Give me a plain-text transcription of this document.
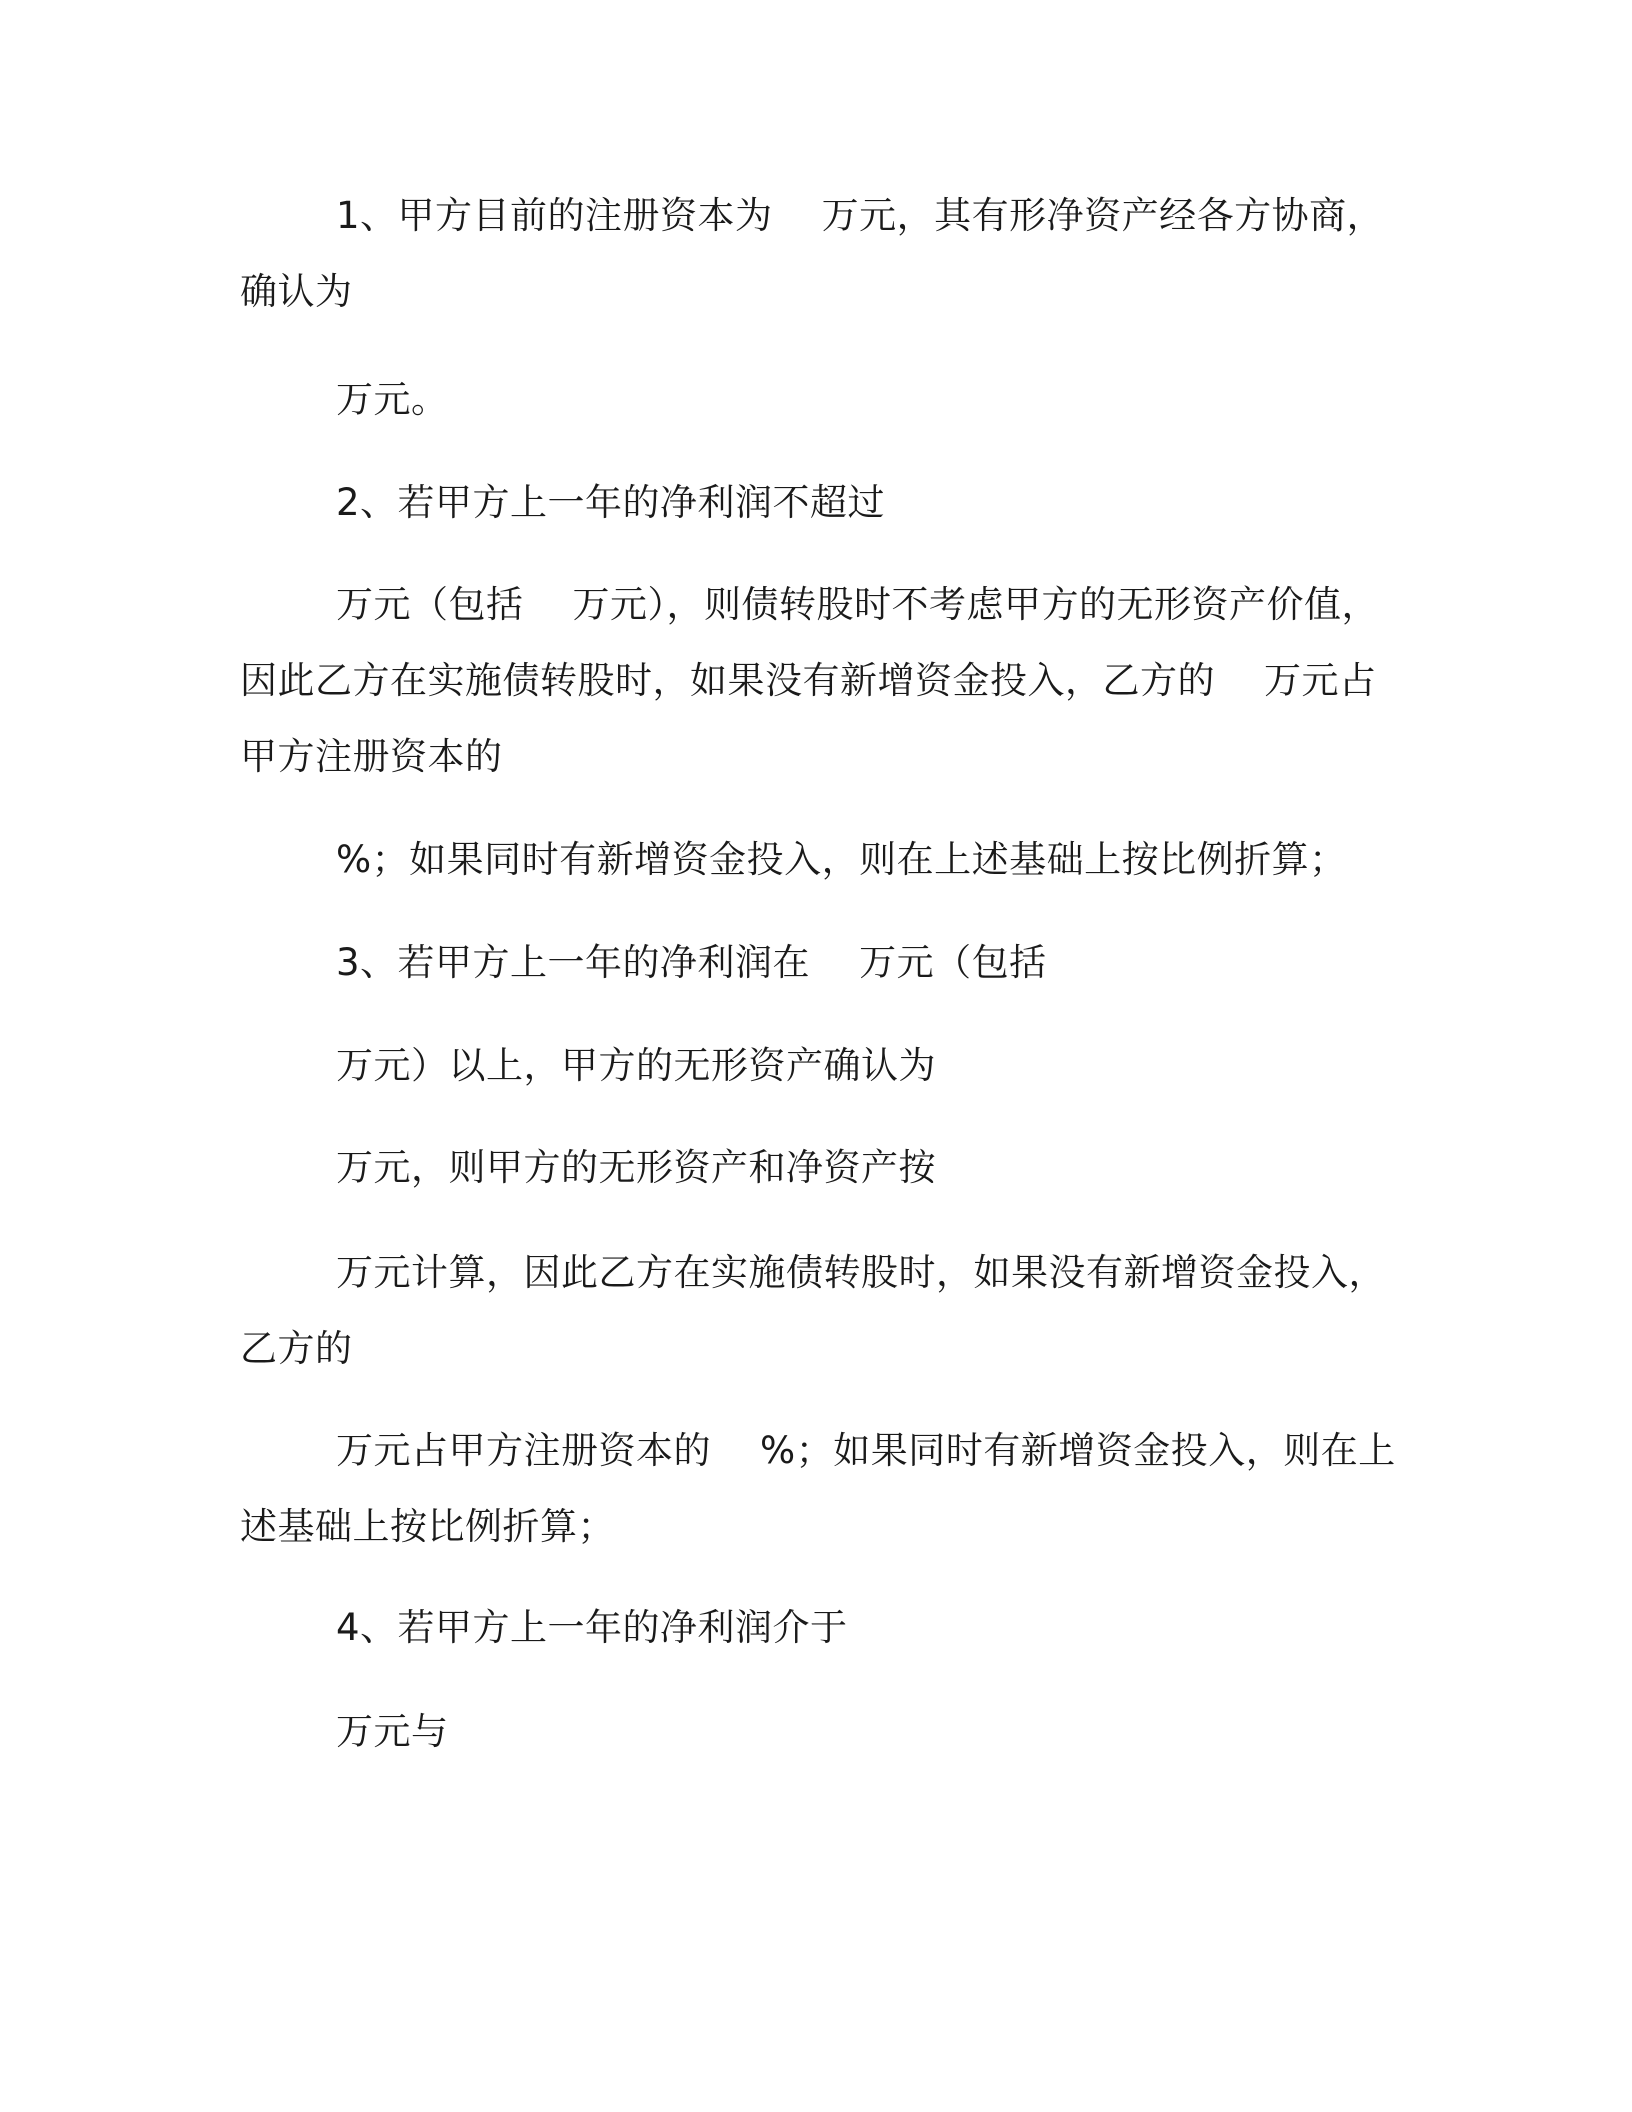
1、甲方目前的注册资本为    万元，其有形净资产经各方协商，确认为

万元。

2、若甲方上一年的净利润不超过

万元（包括    万元），则债转股时不考虑甲方的无形资产价值，因此乙方在实施债转股时，如果没有新增资金投入，乙方的    万元占甲方注册资本的

%；如果同时有新增资金投入，则在上述基础上按比例折算；

3、若甲方上一年的净利润在    万元（包括

万元）以上，甲方的无形资产确认为

万元，则甲方的无形资产和净资产按

万元计算，因此乙方在实施债转股时，如果没有新增资金投入，乙方的

万元占甲方注册资本的    %；如果同时有新增资金投入，则在上述基础上按比例折算；

4、若甲方上一年的净利润介于

万元与
